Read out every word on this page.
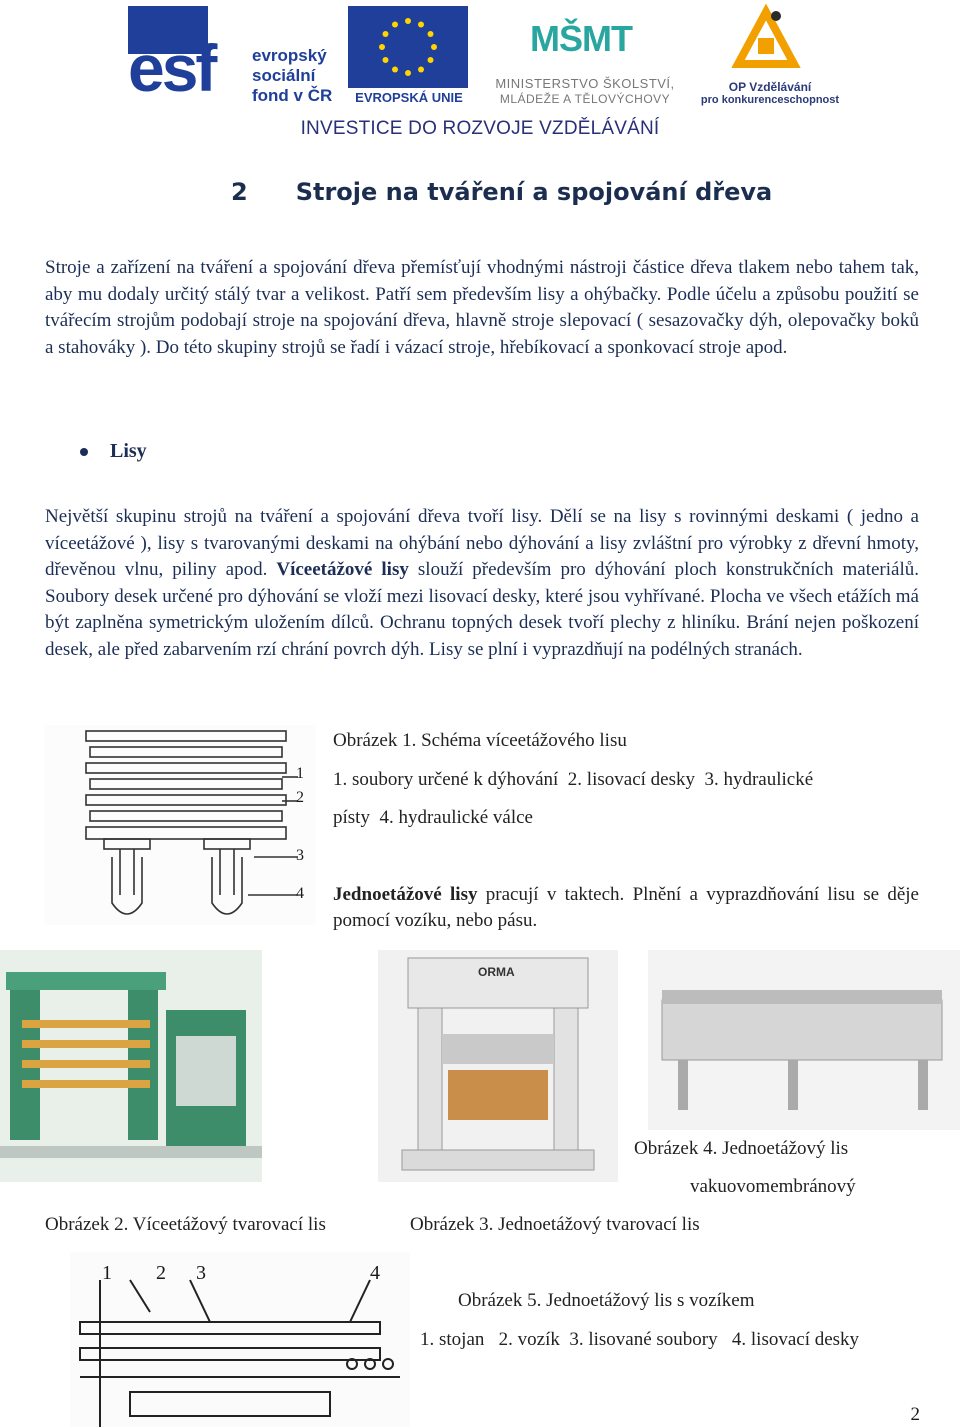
esf evropský
sociální
fond v ČR	EVROPSKÁ UNIE
MŠMT
MINISTERSTVO ŠKOLSTVÍ,
MLÁDEŽE A TĚLOVÝCHOVY
OP Vzdělávání
pro konkurenceschopnost
INVESTICE DO ROZVOJE VZDĚLÁVÁNÍ
2 Stroje na tváření a spojování dřeva
Stroje a zařízení na tváření a spojování dřeva přemísťují vhodnými nástroji částice dřeva tlakem nebo tahem tak, aby mu dodaly určitý stálý tvar a velikost. Patří sem především lisy a ohýbačky. Podle účelu a způsobu použití se tvářecím strojům podobají stroje na spojování dřeva, hlavně stroje slepovací ( sesazovačky dýh, olepovačky boků a stahováky ). Do této skupiny strojů se řadí i vázací stroje, hřebíkovací a sponkovací stroje apod.
Lisy
Největší skupinu strojů na tváření a spojování dřeva tvoří lisy. Dělí se na lisy s rovinnými deskami ( jedno a víceetážové ), lisy s tvarovanými deskami na ohýbání nebo dýhování a lisy zvláštní pro výrobky z dřevní hmoty, dřevěnou vlnu, piliny apod. Víceetážové lisy slouží především pro dýhování ploch konstrukčních materiálů. Soubory desek určené pro dýhování se vloží mezi lisovací desky, které jsou vyhřívané. Plocha ve všech etážích má být zaplněna symetrickým uložením dílců. Ochranu topných desek tvoří plechy z hliníku. Brání nejen poškození desek, ale před zabarvením rzí chrání povrch dýh. Lisy se plní i vyprazdňují na podélných stranách.
1
2
3
4
Obrázek 1. Schéma víceetážového lisu
1. soubory určené k dýhování  2. lisovací desky  3. hydraulické
písty  4. hydraulické válce
Jednoetážové lisy pracují v taktech. Plnění a vyprazdňování lisu se děje pomocí vozíku, nebo pásu.
ORMA
Obrázek 4. Jednoetážový lis
vakuovomembránový
Obrázek 2. Víceetážový tvarovací lis	Obrázek 3. Jednoetážový tvarovací lis
1 2 3	4
Obrázek 5. Jednoetážový lis s vozíkem
1. stojan   2. vozík  3. lisované soubory   4. lisovací desky
2
